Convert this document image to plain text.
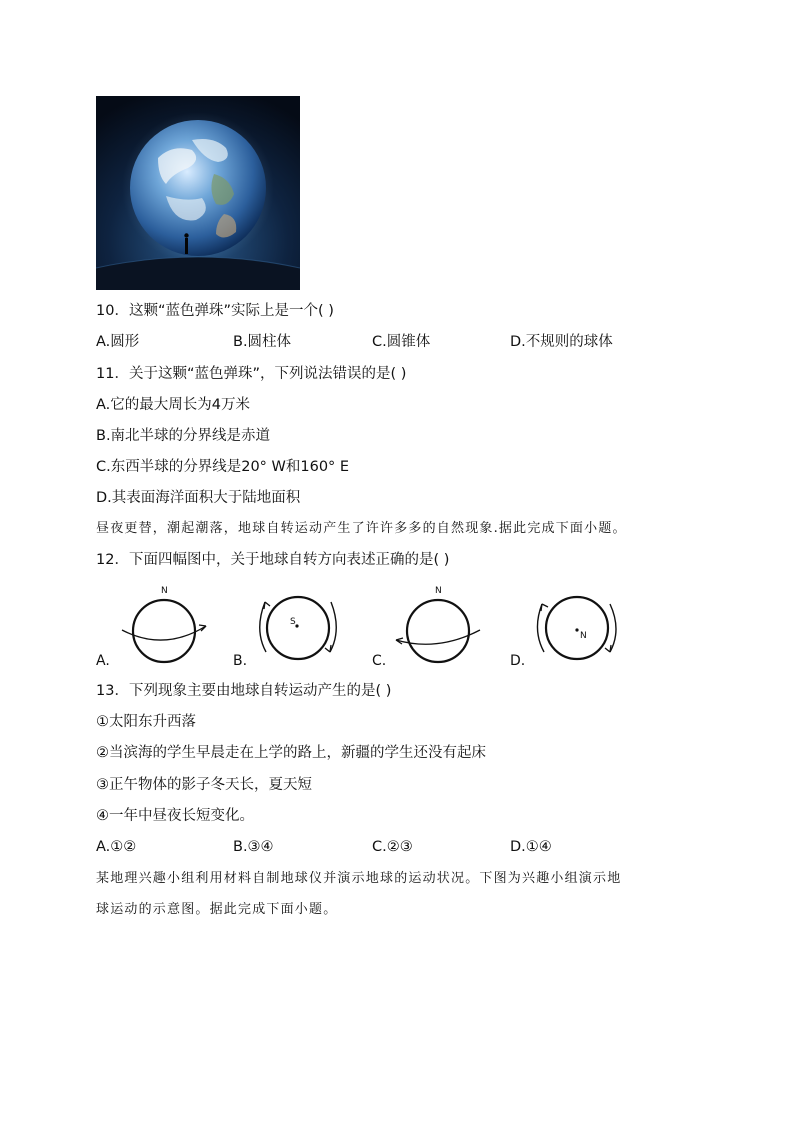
10．这颗“蓝色弹珠”实际上是一个( )
A.圆形	B.圆柱体	C.圆锥体	D.不规则的球体
11．关于这颗“蓝色弹珠”，下列说法错误的是( )
A.它的最大周长为4万米
B.南北半球的分界线是赤道
C.东西半球的分界线是20° W和160° E
D.其表面海洋面积大于陆地面积
昼夜更替，潮起潮落，地球自转运动产生了许许多多的自然现象.据此完成下面小题。
12．下面四幅图中，关于地球自转方向表述正确的是( )
N
A.
S
B.
N
C.
N
D.
13．下列现象主要由地球自转运动产生的是( )
①太阳东升西落
②当滨海的学生早晨走在上学的路上，新疆的学生还没有起床
③正午物体的影子冬天长，夏天短
④一年中昼夜长短变化。
A.①②	B.③④	C.②③	D.①④
某地理兴趣小组利用材料自制地球仪并演示地球的运动状况。下图为兴趣小组演示地
球运动的示意图。据此完成下面小题。
